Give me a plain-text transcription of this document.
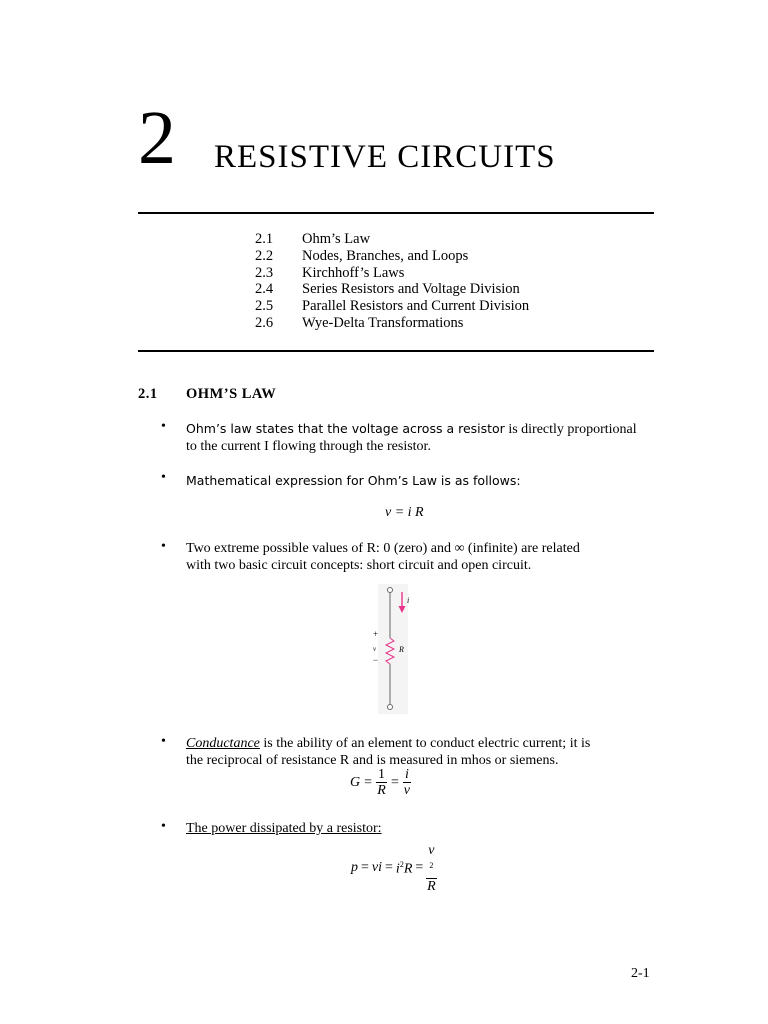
2 RESISTIVE CIRCUITS
2.1	Ohm’s Law
2.2	Nodes, Branches, and Loops
2.3	Kirchhoff’s Laws
2.4	Series Resistors and Voltage Division
2.5	Parallel Resistors and Current Division
2.6	Wye-Delta Transformations
2.1 OHM’S LAW
• Ohm’s law states that the voltage across a resistor is directly proportional
to the current I flowing through the resistor.
• Mathematical expression for Ohm’s Law is as follows:
v = i R
• Two extreme possible values of R: 0 (zero) and ∞ (infinite) are related
with two basic circuit concepts: short circuit and open circuit.
i
+
v
−
R
• Conductance is the ability of an element to conduct electric current; it is
the reciprocal of resistance R and is measured in mhos or siemens.
$G = \frac{1}{R} = \frac{i}{v}$
• The power dissipated by a resistor:
p = vi = $i^2R = v$
$^2$
R
2-1
